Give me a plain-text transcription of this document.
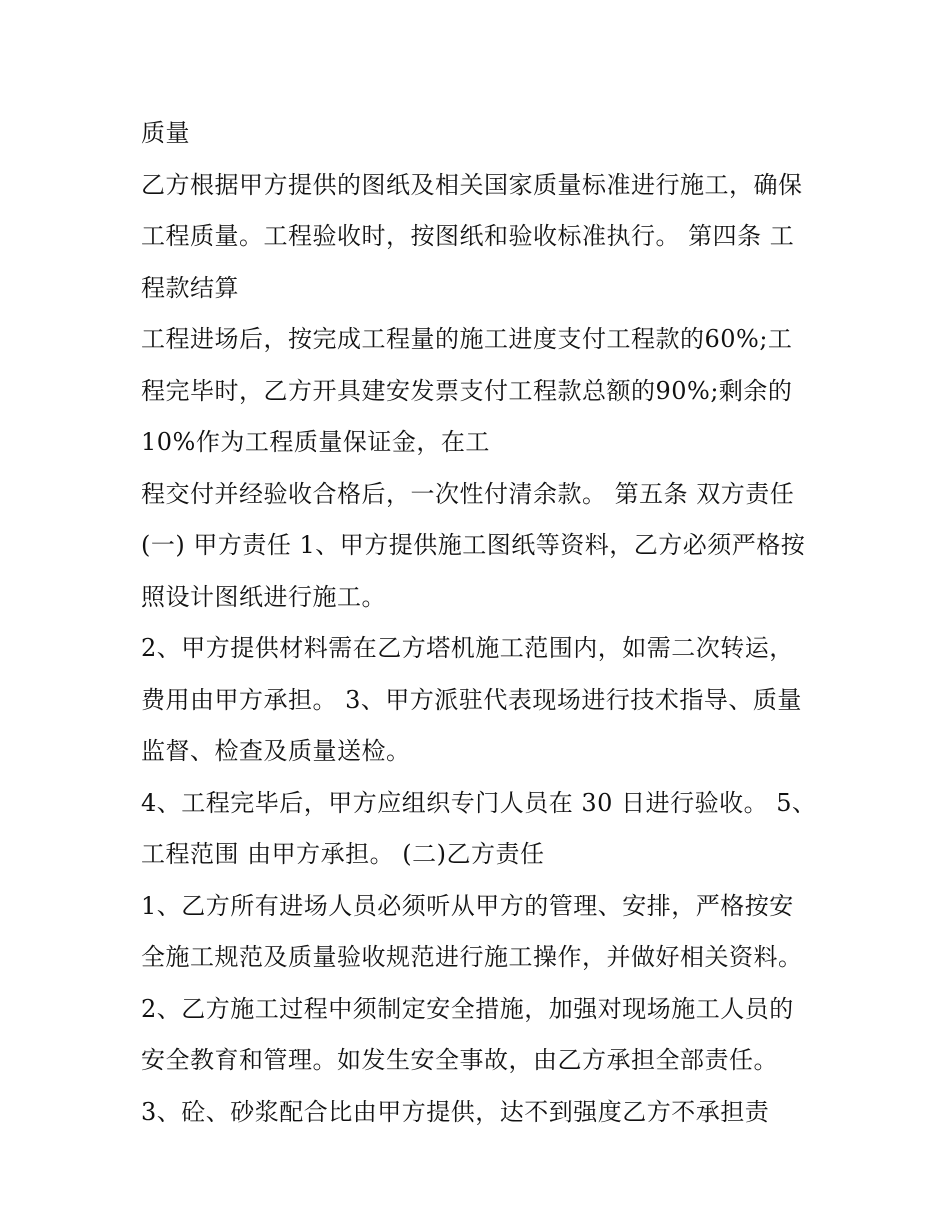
质量
乙方根据甲方提供的图纸及相关国家质量标准进行施工，确保
工程质量。工程验收时，按图纸和验收标准执行。 第四条 工
程款结算
工程进场后，按完成工程量的施工进度支付工程款的60%;工
程完毕时，乙方开具建安发票支付工程款总额的90%;剩余的
10%作为工程质量保证金，在工
程交付并经验收合格后，一次性付清余款。 第五条 双方责任
(一) 甲方责任 1、甲方提供施工图纸等资料，乙方必须严格按
照设计图纸进行施工。
2、甲方提供材料需在乙方塔机施工范围内，如需二次转运，
费用由甲方承担。 3、甲方派驻代表现场进行技术指导、质量
监督、检查及质量送检。
4、工程完毕后，甲方应组织专门人员在 30 日进行验收。 5、
工程范围 由甲方承担。 (二)乙方责任
1、乙方所有进场人员必须听从甲方的管理、安排，严格按安
全施工规范及质量验收规范进行施工操作，并做好相关资料。
2、乙方施工过程中须制定安全措施，加强对现场施工人员的
安全教育和管理。如发生安全事故，由乙方承担全部责任。
3、砼、砂浆配合比由甲方提供，达不到强度乙方不承担责
